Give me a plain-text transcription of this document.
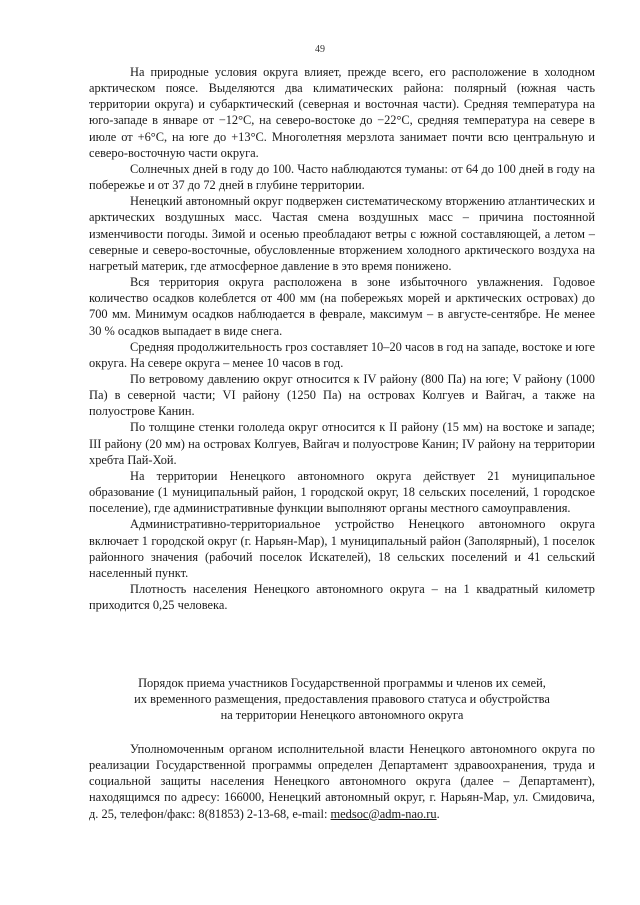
49

На природные условия округа влияет, прежде всего, его расположение в холодном арктическом поясе. Выделяются два климатических района: полярный (южная часть территории округа) и субарктический (северная и восточная части). Средняя температура на юго-западе в январе от −12°С, на северо-востоке до −22°С, средняя температура на севере в июле от +6°С, на юге до +13°С. Многолетняя мерзлота занимает почти всю центральную и северо-восточную части округа.

Солнечных дней в году до 100. Часто наблюдаются туманы: от 64 до 100 дней в году на побережье и от 37 до 72 дней в глубине территории.

Ненецкий автономный округ подвержен систематическому вторжению атлантических и арктических воздушных масс. Частая смена воздушных масс – причина постоянной изменчивости погоды. Зимой и осенью преобладают ветры с южной составляющей, а летом – северные и северо-восточные, обусловленные вторжением холодного арктического воздуха на нагретый материк, где атмосферное давление в это время понижено.

Вся территория округа расположена в зоне избыточного увлажнения. Годовое количество осадков колеблется от 400 мм (на побережьях морей и арктических островах) до 700 мм. Минимум осадков наблюдается в феврале, максимум – в августе-сентябре. Не менее 30 % осадков выпадает в виде снега.

Средняя продолжительность гроз составляет 10–20 часов в год на западе, востоке и юге округа. На севере округа – менее 10 часов в год.

По ветровому давлению округ относится к IV району (800 Па) на юге; V району (1000 Па) в северной части; VI району (1250 Па) на островах Колгуев и Вайгач, а также на полуострове Канин.

По толщине стенки гололеда округ относится к II району (15 мм) на востоке и западе; III району (20 мм) на островах Колгуев, Вайгач и полуострове Канин; IV району на территории хребта Пай-Хой.

На территории Ненецкого автономного округа действует 21 муниципальное образование (1 муниципальный район, 1 городской округ, 18 сельских поселений, 1 городское поселение), где административные функции выполняют органы местного самоуправления.

Административно-территориальное устройство Ненецкого автономного округа включает 1 городской округ (г. Нарьян-Мар), 1 муниципальный район (Заполярный), 1 поселок районного значения (рабочий поселок Искателей), 18 сельских поселений и 41 сельский населенный пункт.

Плотность населения Ненецкого автономного округа – на 1 квадратный километр приходится 0,25 человека.

Порядок приема участников Государственной программы и членов их семей,
их временного размещения, предоставления правового статуса и обустройства
на территории Ненецкого автономного округа

Уполномоченным органом исполнительной власти Ненецкого автономного округа по реализации Государственной программы определен Департамент здравоохранения, труда и социальной защиты населения Ненецкого автономного округа (далее – Департамент), находящимся по адресу: 166000, Ненецкий автономный округ, г. Нарьян-Мар, ул. Смидовича, д. 25, телефон/факс: 8(81853) 2-13-68, e-mail: medsoc@adm-nao.ru.
